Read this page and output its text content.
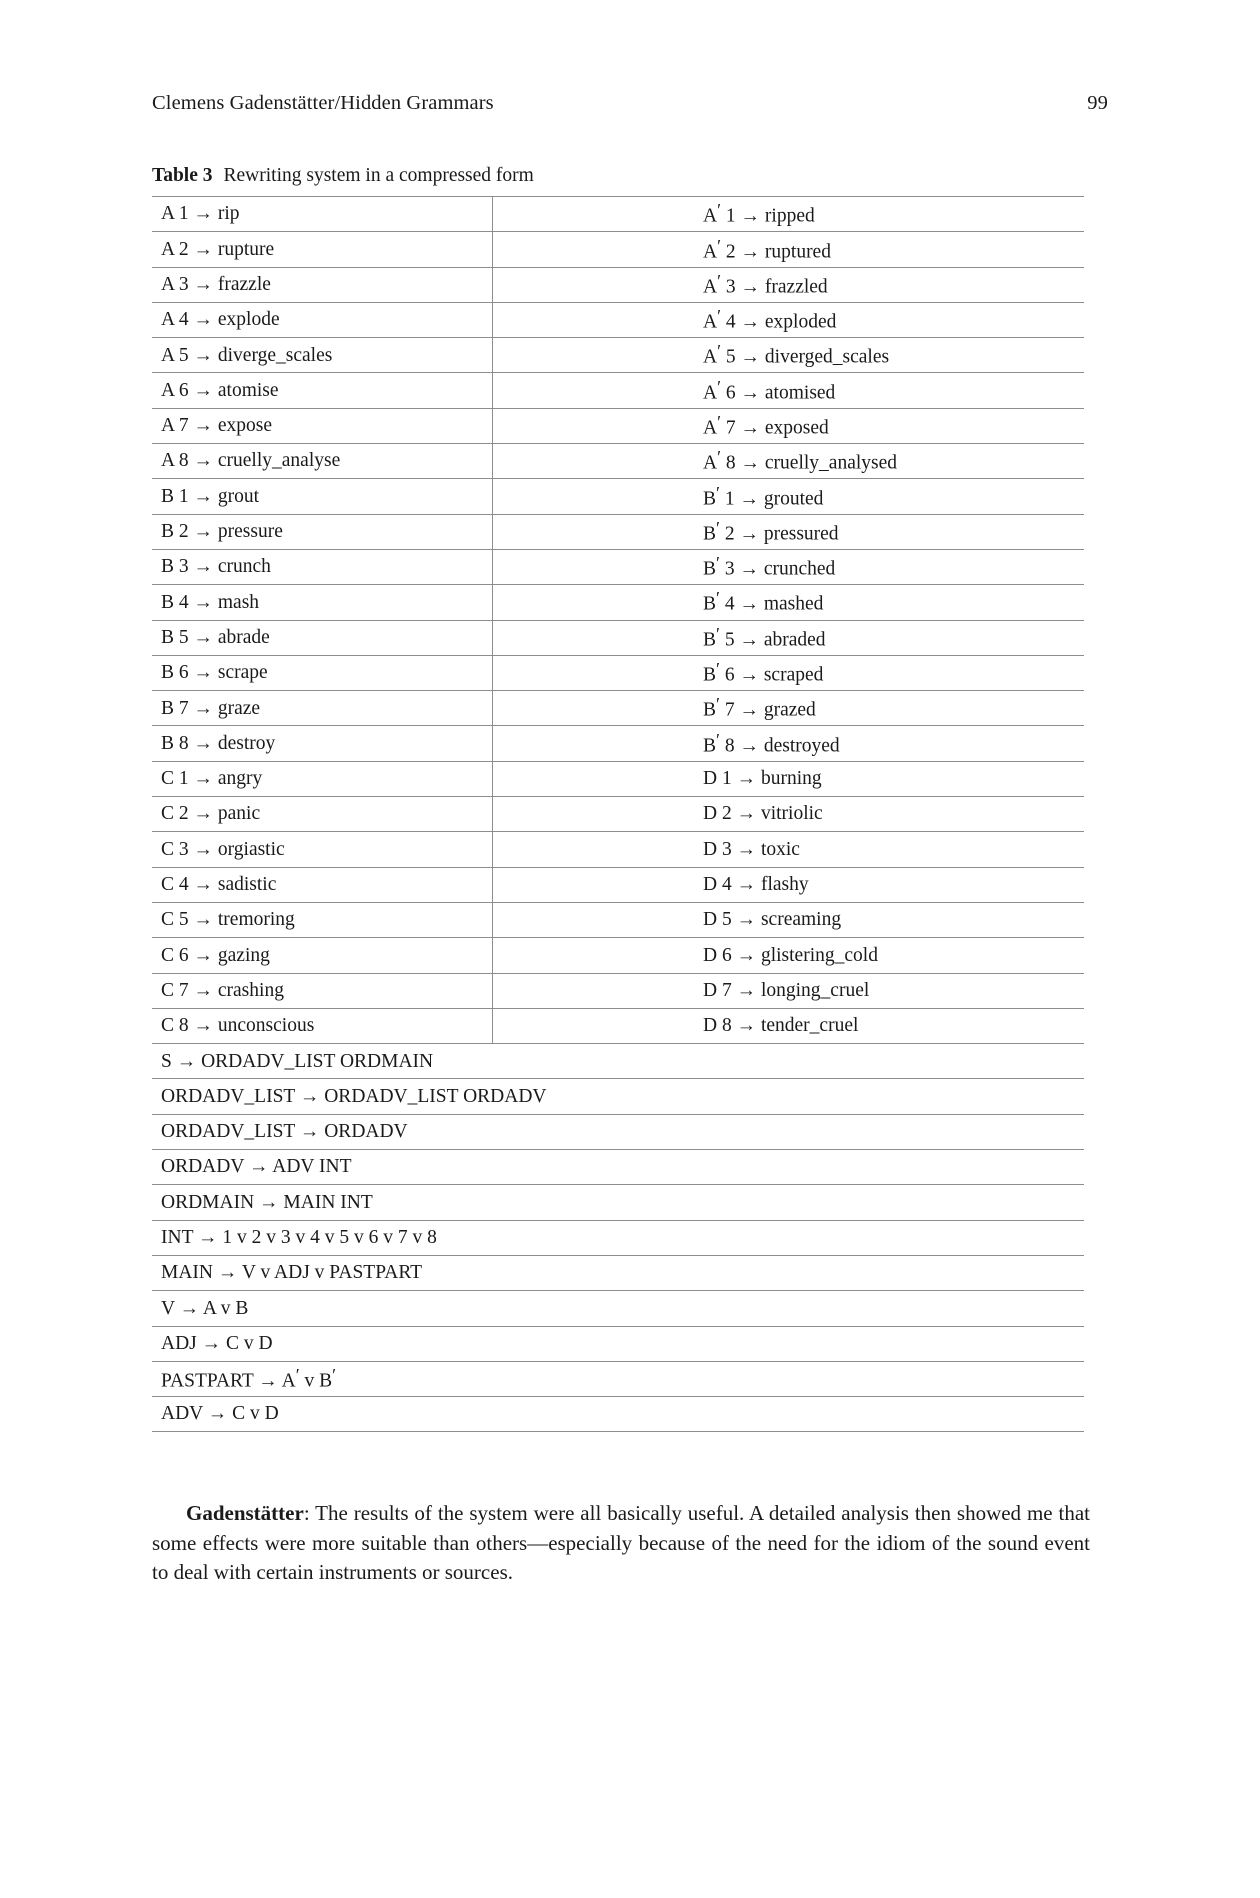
Clemens Gadenstätter/Hidden Grammars	99
Table 3 Rewriting system in a compressed form
A 1 → rip	A′ 1 → ripped
A 2 → rupture	A′ 2 → ruptured
A 3 → frazzle	A′ 3 → frazzled
A 4 → explode	A′ 4 → exploded
A 5 → diverge_scales	A′ 5 → diverged_scales
A 6 → atomise	A′ 6 → atomised
A 7 → expose	A′ 7 → exposed
A 8 → cruelly_analyse	A′ 8 → cruelly_analysed
B 1 → grout	B′ 1 → grouted
B 2 → pressure	B′ 2 → pressured
B 3 → crunch	B′ 3 → crunched
B 4 → mash	B′ 4 → mashed
B 5 → abrade	B′ 5 → abraded
B 6 → scrape	B′ 6 → scraped
B 7 → graze	B′ 7 → grazed
B 8 → destroy	B′ 8 → destroyed
C 1 → angry	D 1 → burning
C 2 → panic	D 2 → vitriolic
C 3 → orgiastic	D 3 → toxic
C 4 → sadistic	D 4 → flashy
C 5 → tremoring	D 5 → screaming
C 6 → gazing	D 6 → glistering_cold
C 7 → crashing	D 7 → longing_cruel
C 8 → unconscious	D 8 → tender_cruel
S → ORDADV_LIST ORDMAIN	
ORDADV_LIST → ORDADV_LIST ORDADV	
ORDADV_LIST → ORDADV	
ORDADV → ADV INT	
ORDMAIN → MAIN INT	
INT → 1 v 2 v 3 v 4 v 5 v 6 v 7 v 8	
MAIN → V v ADJ v PASTPART	
V → A v B	
ADJ → C v D	
PASTPART → A′ v B′	
ADV → C v D	

Gadenstätter: The results of the system were all basically useful. A detailed analysis then showed me that some effects were more suitable than others—especially because of the need for the idiom of the sound event to deal with certain instruments or sources.
